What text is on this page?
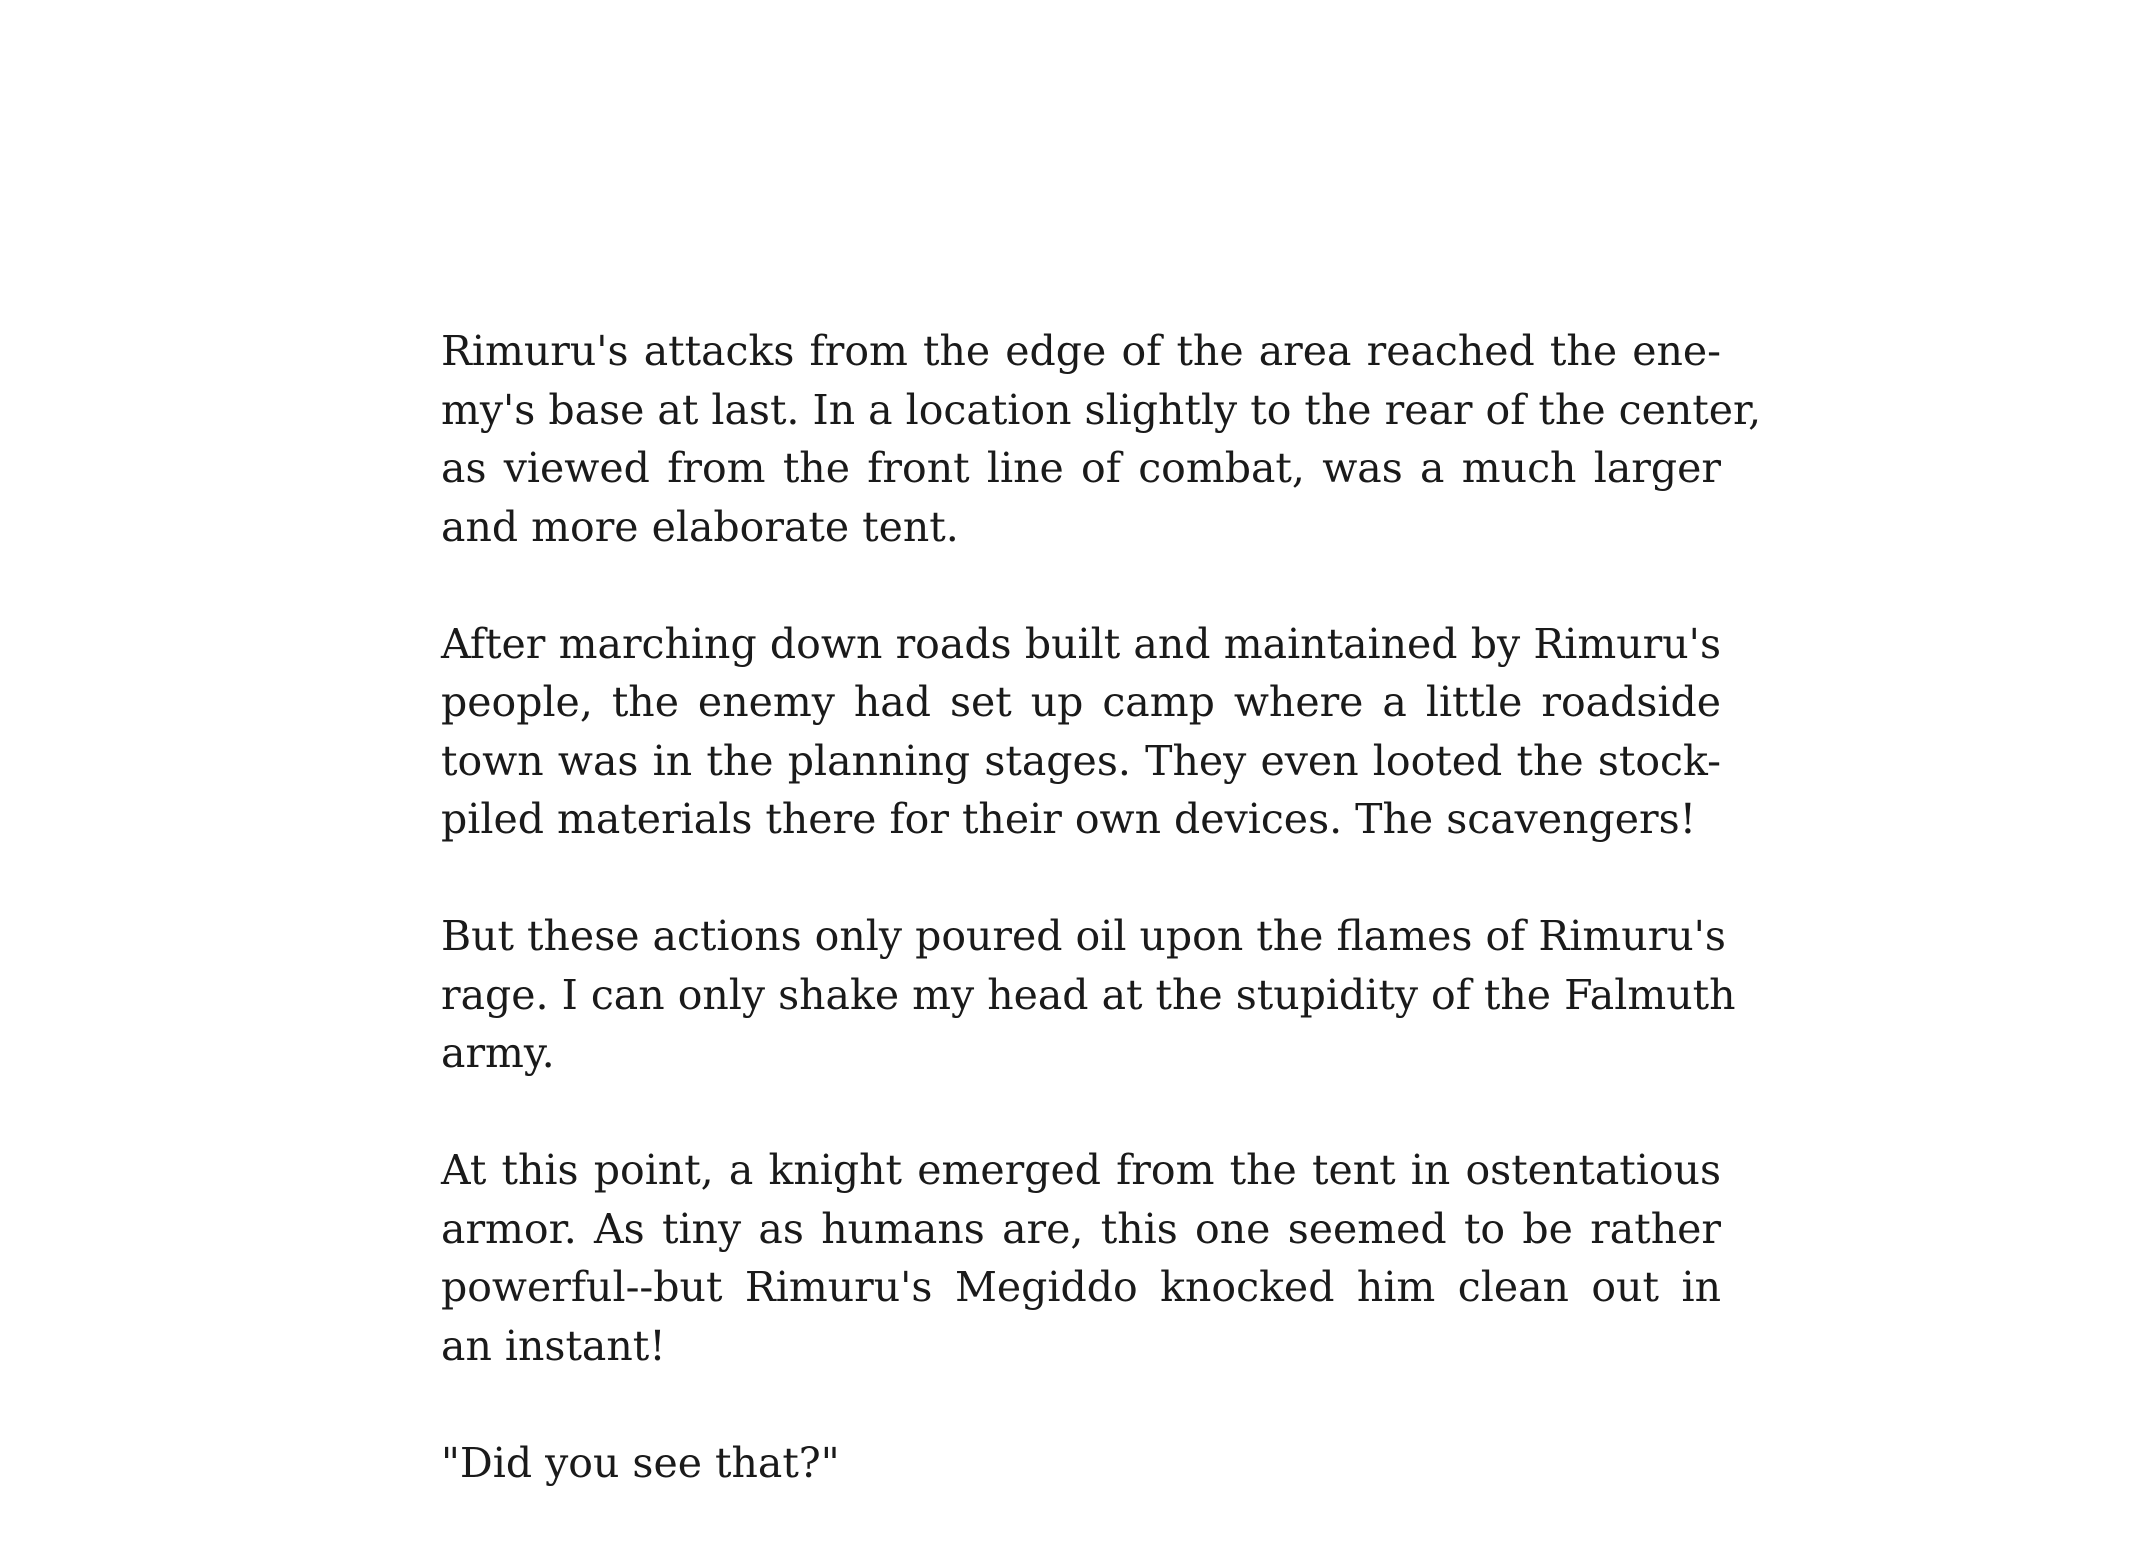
Rimuru's attacks from the edge of the area reached the ene-
my's base at last. In a location slightly to the rear of the center,
as viewed from the front line of combat, was a much larger
and more elaborate tent.

After marching down roads built and maintained by Rimuru's
people, the enemy had set up camp where a little roadside
town was in the planning stages. They even looted the stock-
piled materials there for their own devices. The scavengers!

But these actions only poured oil upon the flames of Rimuru's
rage. I can only shake my head at the stupidity of the Falmuth
army.

At this point, a knight emerged from the tent in ostentatious
armor. As tiny as humans are, this one seemed to be rather
powerful--but Rimuru's Megiddo knocked him clean out in
an instant!

"Did you see that?"
